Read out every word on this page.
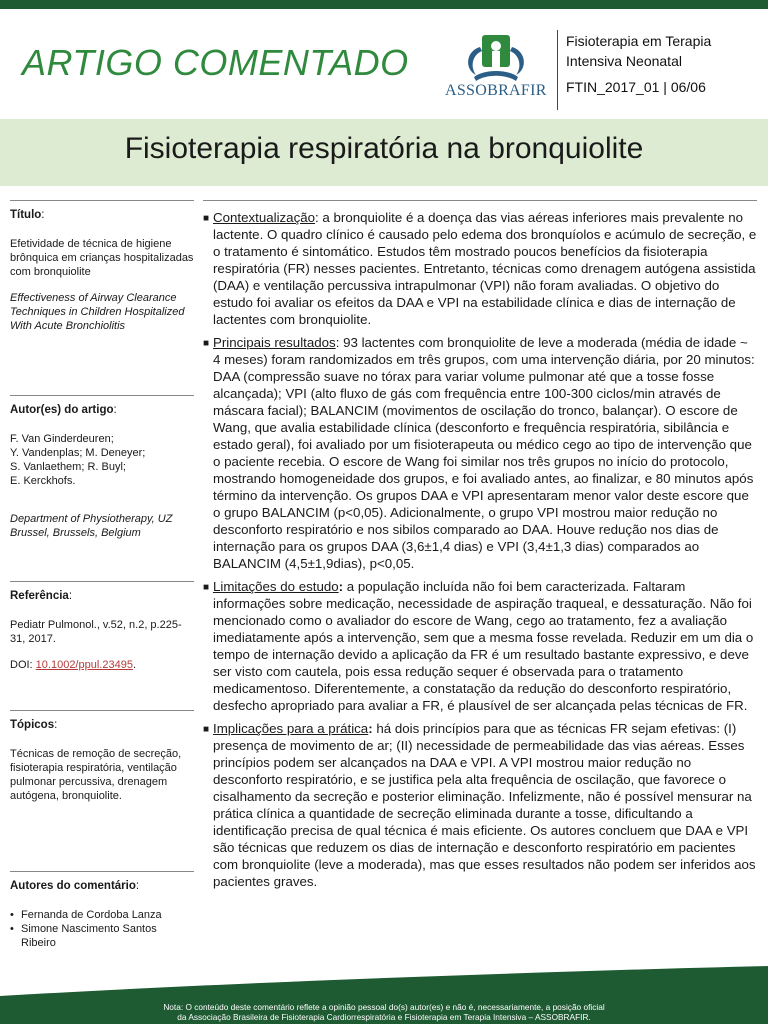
ARTIGO COMENTADO
ASSOBRAFIR
Fisioterapia em Terapia
Intensiva Neonatal
FTIN_2017_01 | 06/06
Fisioterapia respiratória na bronquiolite
Título:
Efetividade de técnica de higiene brônquica em crianças hospitalizadas com bronquiolite
Effectiveness of Airway Clearance Techniques in Children Hospitalized With Acute Bronchiolitis
Autor(es) do artigo:
F. Van Ginderdeuren;
Y. Vandenplas; M. Deneyer;
S. Vanlaethem; R. Buyl;
E. Kerckhofs.
Department of Physiotherapy, UZ Brussel, Brussels, Belgium
Referência:
Pediatr Pulmonol., v.52, n.2, p.225-31, 2017.
DOI: 10.1002/ppul.23495.
Tópicos:
Técnicas de remoção de secreção, fisioterapia respiratória, ventilação pulmonar percussiva, drenagem autógena, bronquiolite.
Autores do comentário:
• Fernanda de Cordoba Lanza
• Simone Nascimento Santos Ribeiro
■ Contextualização: a bronquiolite é a doença das vias aéreas inferiores mais prevalente no lactente. O quadro clínico é causado pelo edema dos bronquíolos e acúmulo de secreção, e o tratamento é sintomático. Estudos têm mostrado poucos benefícios da fisioterapia respiratória (FR) nesses pacientes. Entretanto, técnicas como drenagem autógena assistida (DAA) e ventilação percussiva intrapulmonar (VPI) não foram avaliadas. O objetivo do estudo foi avaliar os efeitos da DAA e VPI na estabilidade clínica e dias de internação de lactentes com bronquiolite.
■ Principais resultados: 93 lactentes com bronquiolite de leve a moderada (média de idade ~ 4 meses) foram randomizados em três grupos, com uma intervenção diária, por 20 minutos: DAA (compressão suave no tórax para variar volume pulmonar até que a tosse fosse alcançada); VPI (alto fluxo de gás com frequência entre 100-300 ciclos/min através de máscara facial); BALANCIM (movimentos de oscilação do tronco, balançar). O escore de Wang, que avalia estabilidade clínica (desconforto e frequência respiratória, sibilância e estado geral), foi avaliado por um fisioterapeuta ou médico cego ao tipo de intervenção que o paciente recebia. O escore de Wang foi similar nos três grupos no início do protocolo, mostrando homogeneidade dos grupos, e foi avaliado antes, ao finalizar, e 80 minutos após término da intervenção. Os grupos DAA e VPI apresentaram menor valor deste escore que o grupo BALANCIM (p<0,05). Adicionalmente, o grupo VPI mostrou maior redução no desconforto respiratório e nos sibilos comparado ao DAA. Houve redução nos dias de internação para os grupos DAA (3,6±1,4 dias) e VPI (3,4±1,3 dias) comparados ao BALANCIM (4,5±1,9dias), p<0,05.
■ Limitações do estudo: a população incluída não foi bem caracterizada. Faltaram informações sobre medicação, necessidade de aspiração traqueal, e dessaturação. Não foi mencionado como o avaliador do escore de Wang, cego ao tratamento, fez a avaliação imediatamente após a intervenção, sem que a mesma fosse revelada. Reduzir em um dia o tempo de internação devido a aplicação da FR é um resultado bastante expressivo, e deve ser visto com cautela, pois essa redução sequer é observada para o tratamento medicamentoso. Diferentemente, a constatação da redução do desconforto respiratório, desfecho apropriado para avaliar a FR, é plausível de ser alcançada pelas técnicas de FR.
■ Implicações para a prática: há dois princípios para que as técnicas FR sejam efetivas: (I) presença de movimento de ar; (II) necessidade de permeabilidade das vias aéreas. Esses princípios podem ser alcançados na DAA e VPI. A VPI mostrou maior redução no desconforto respiratório, e se justifica pela alta frequência de oscilação, que favorece o cisalhamento da secreção e posterior eliminação. Infelizmente, não é possível mensurar na prática clínica a quantidade de secreção eliminada durante a tosse, dificultando a identificação precisa de qual técnica é mais eficiente. Os autores concluem que DAA e VPI são técnicas que reduzem os dias de internação e desconforto respiratório em pacientes com bronquiolite (leve a moderada), mas que esses resultados não podem ser inferidos aos pacientes graves.
Nota: O conteúdo deste comentário reflete a opinião pessoal do(s) autor(es) e não é, necessariamente, a posição oficial
da Associação Brasileira de Fisioterapia Cardiorrespiratória e Fisioterapia em Terapia Intensiva – ASSOBRAFIR.
